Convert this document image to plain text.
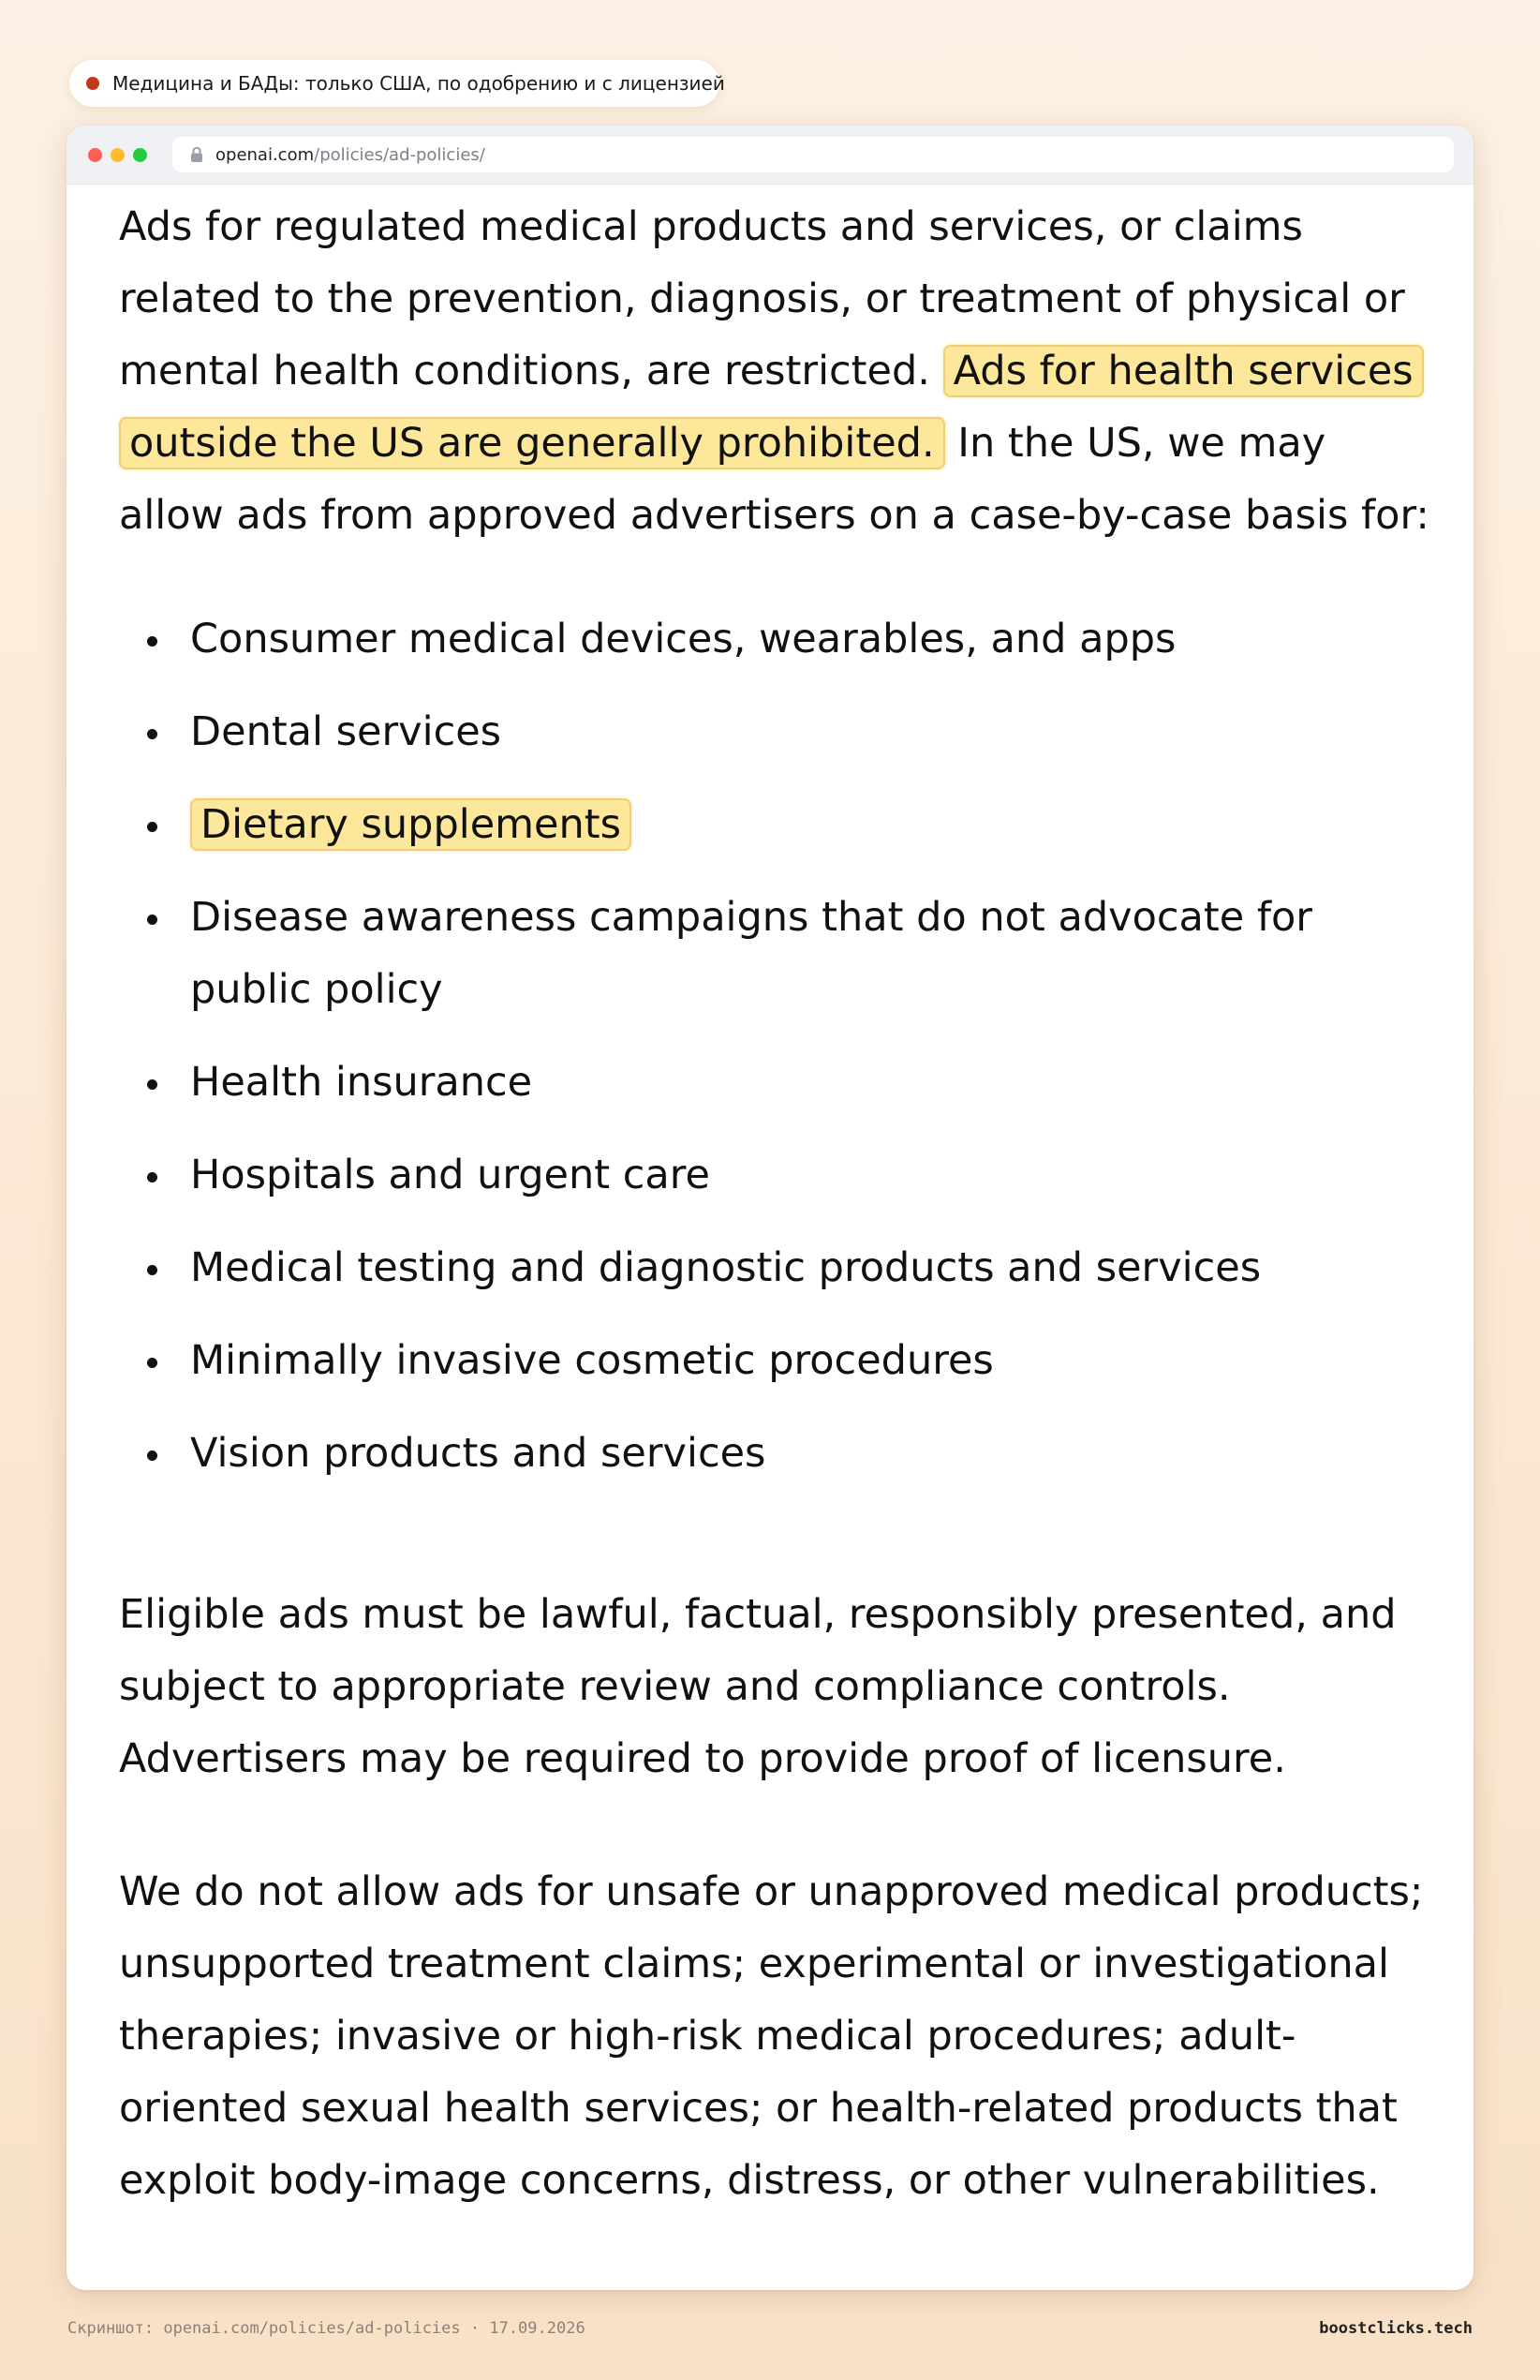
Медицина и БАДы: только США, по одобрению и с лицензией
openai.com /policies/ad-policies/

Ads for regulated medical products and services, or claims related to the prevention, diagnosis, or treatment of physical or mental health conditions, are restricted. Ads for health services outside the US are generally prohibited. In the US, we may allow ads from approved advertisers on a case-by-case basis for:

Consumer medical devices, wearables, and apps
Dental services
Dietary supplements
Disease awareness campaigns that do not advocate for public policy
Health insurance
Hospitals and urgent care
Medical testing and diagnostic products and services
Minimally invasive cosmetic procedures
Vision products and services

Eligible ads must be lawful, factual, responsibly presented, and subject to appropriate review and compliance controls. Advertisers may be required to provide proof of licensure.

We do not allow ads for unsafe or unapproved medical products; unsupported treatment claims; experimental or investigational therapies; invasive or high-risk medical procedures; adult-oriented sexual health services; or health-related products that exploit body-image concerns, distress, or other vulnerabilities.

Скриншот: openai.com/policies/ad-policies · 17.09.2026	boostclicks.tech
